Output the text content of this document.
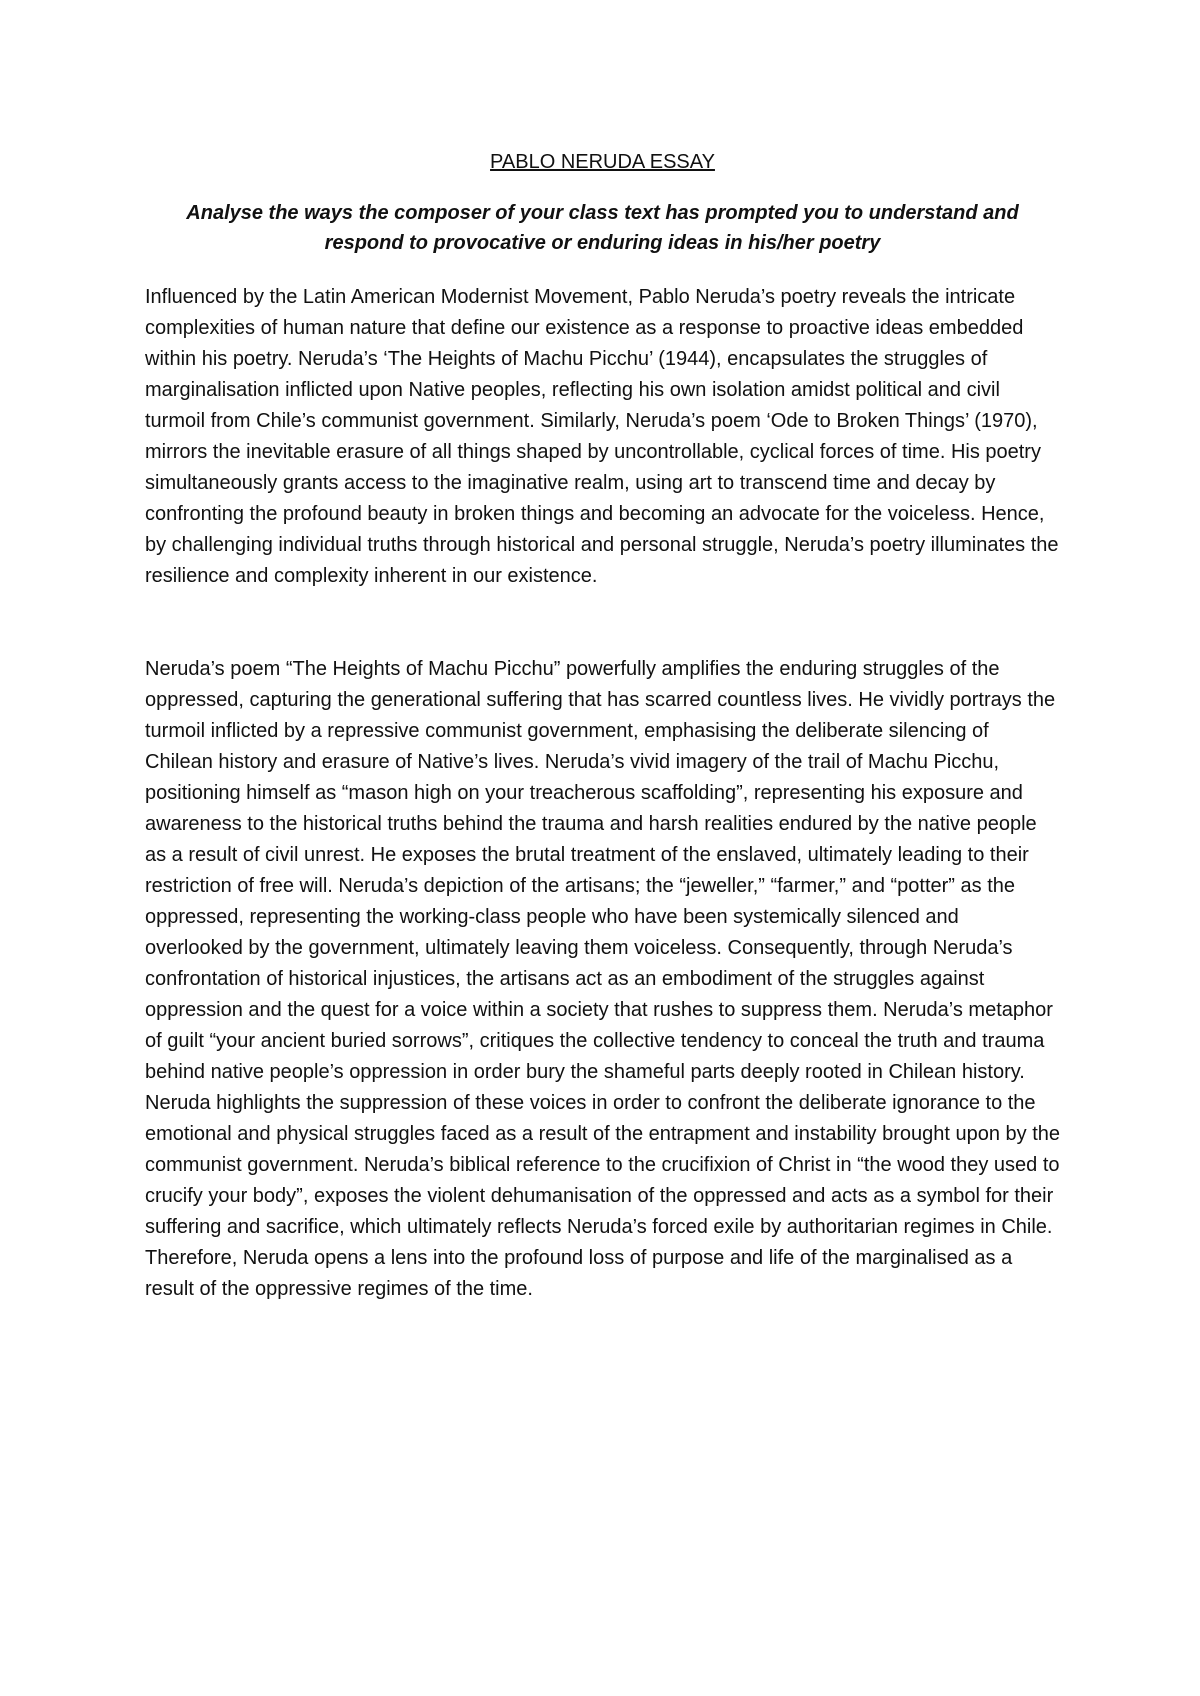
PABLO NERUDA ESSAY

Analyse the ways the composer of your class text has prompted you to understand and respond to provocative or enduring ideas in his/her poetry

Influenced by the Latin American Modernist Movement, Pablo Neruda’s poetry reveals the intricate complexities of human nature that define our existence as a response to proactive ideas embedded within his poetry. Neruda’s ‘The Heights of Machu Picchu’ (1944), encapsulates the struggles of marginalisation inflicted upon Native peoples, reflecting his own isolation amidst political and civil turmoil from Chile’s communist government. Similarly, Neruda’s poem ‘Ode to Broken Things’ (1970), mirrors the inevitable erasure of all things shaped by uncontrollable, cyclical forces of time. His poetry simultaneously grants access to the imaginative realm, using art to transcend time and decay by confronting the profound beauty in broken things and becoming an advocate for the voiceless. Hence, by challenging individual truths through historical and personal struggle, Neruda’s poetry illuminates the resilience and complexity inherent in our existence.

Neruda’s poem “The Heights of Machu Picchu” powerfully amplifies the enduring struggles of the oppressed, capturing the generational suffering that has scarred countless lives. He vividly portrays the turmoil inflicted by a repressive communist government, emphasising the deliberate silencing of Chilean history and erasure of Native’s lives. Neruda’s vivid imagery of the trail of Machu Picchu, positioning himself as “mason high on your treacherous scaffolding”, representing his exposure and awareness to the historical truths behind the trauma and harsh realities endured by the native people as a result of civil unrest. He exposes the brutal treatment of the enslaved, ultimately leading to their restriction of free will. Neruda’s depiction of the artisans; the “jeweller,” “farmer,” and “potter” as the oppressed, representing the working-class people who have been systemically silenced and overlooked by the government, ultimately leaving them voiceless. Consequently, through Neruda’s confrontation of historical injustices, the artisans act as an embodiment of the struggles against oppression and the quest for a voice within a society that rushes to suppress them. Neruda’s metaphor of guilt “your ancient buried sorrows”, critiques the collective tendency to conceal the truth and trauma behind native people’s oppression in order bury the shameful parts deeply rooted in Chilean history. Neruda highlights the suppression of these voices in order to confront the deliberate ignorance to the emotional and physical struggles faced as a result of the entrapment and instability brought upon by the communist government. Neruda’s biblical reference to the crucifixion of Christ in “the wood they used to crucify your body”, exposes the violent dehumanisation of the oppressed and acts as a symbol for their suffering and sacrifice, which ultimately reflects Neruda’s forced exile by authoritarian regimes in Chile. Therefore, Neruda opens a lens into the profound loss of purpose and life of the marginalised as a result of the oppressive regimes of the time.
